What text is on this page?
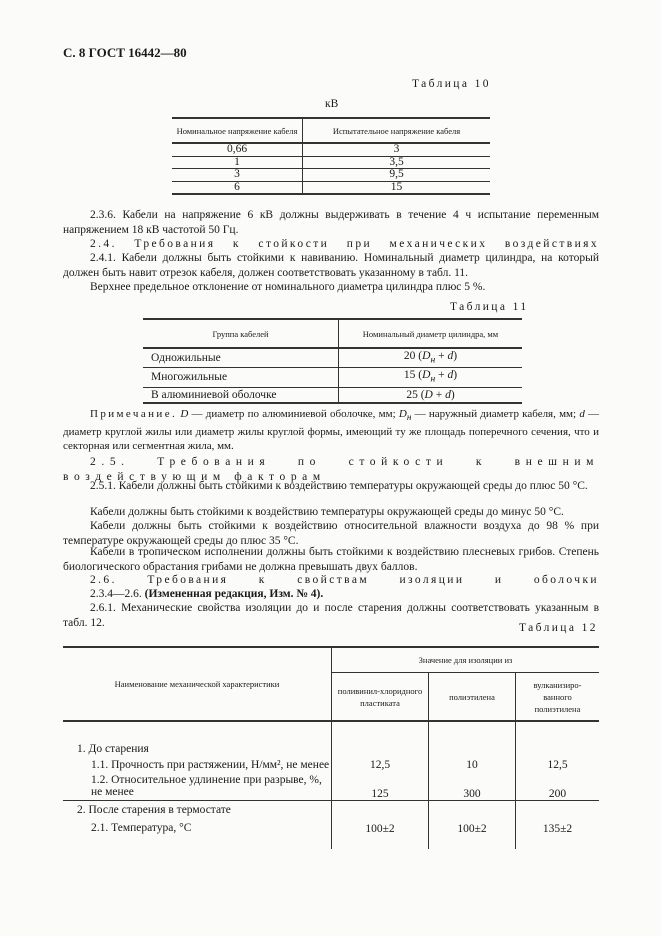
С. 8 ГОСТ 16442—80
Таблица 10
кВ
Номинальное напряжение кабеля	Испытательное напряжение кабеля
0,66	3
1	3,5
3	9,5
6	15
2.3.6. Кабели на напряжение 6 кВ должны выдерживать в течение 4 ч испытание переменным напряжением 18 кВ частотой 50 Гц.
2.4. Требования к стойкости при механических воздействиях
2.4.1. Кабели должны быть стойкими к навиванию. Номинальный диаметр цилиндра, на который должен быть навит отрезок кабеля, должен соответствовать указанному в табл. 11.
Верхнее предельное отклонение от номинального диаметра цилиндра плюс 5 %.
Таблица 11
Группа кабелей	Номинальный диаметр цилиндра, мм
Одножильные	20 $(D_н + d)$
Многожильные	15 $(D_н + d)$
В алюминиевой оболочке	25 (D + d)
Примечание. D — диаметр по алюминиевой оболочке, мм; $D_н$ — наружный диаметр кабеля, мм; d — диаметр круглой жилы или диаметр жилы круглой формы, имеющий ту же площадь поперечного сечения, что и секторная или сегментная жила, мм.
2.5. Требования по стойкости к внешним воздействующим факторам
2.5.1. Кабели должны быть стойкими к воздействию температуры окружающей среды до плюс 50 °С.
Кабели должны быть стойкими к воздействию температуры окружающей среды до минус 50 °С.
Кабели должны быть стойкими к воздействию относительной влажности воздуха до 98 % при температуре окружающей среды до плюс 35 °С.
Кабели в тропическом исполнении должны быть стойкими к воздействию плесневых грибов. Степень биологического обрастания грибами не должна превышать двух баллов.
2.6. Требования к свойствам изоляции и оболочки
2.3.4—2.6. (Измененная редакция, Изм. № 4).
2.6.1. Механические свойства изоляции до и после старения должны соответствовать указанным в табл. 12.	Таблица 12
Наименование механической характеристики	Значение для изоляции из		
	поливинил-хлоридного пластиката	полиэтилена	вулканизиро-ванного полиэтилена
1. До старения			
1.1. Прочность при растяжении, Н/мм², не менее	12,5	10	12,5
1.2. Относительное удлинение при разрыве, %, не менее	125	300	200
2. После старения в термостате			
2.1. Температура, °С	100±2	100±2	135±2
